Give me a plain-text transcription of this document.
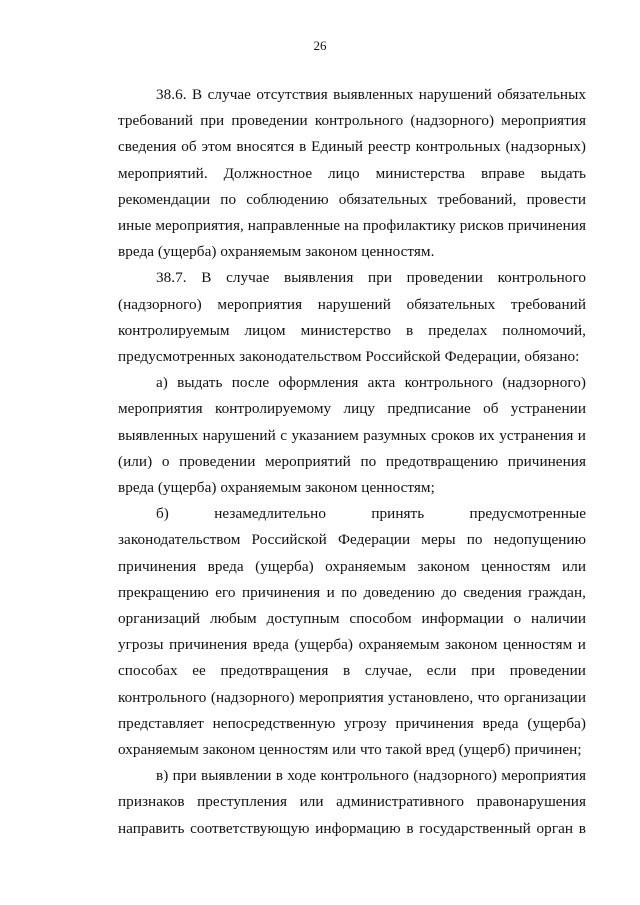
26

38.6. В случае отсутствия выявленных нарушений обязательных требований при проведении контрольного (надзорного) мероприятия сведения об этом вносятся в Единый реестр контрольных (надзорных) мероприятий. Должностное лицо министерства вправе выдать рекомендации по соблюдению обязательных требований, провести иные мероприятия, направленные на профилактику рисков причинения вреда (ущерба) охраняемым законом ценностям.

38.7. В случае выявления при проведении контрольного (надзорного) мероприятия нарушений обязательных требований контролируемым лицом министерство в пределах полномочий, предусмотренных законодательством Российской Федерации, обязано:

а) выдать после оформления акта контрольного (надзорного) мероприятия контролируемому лицу предписание об устранении выявленных нарушений с указанием разумных сроков их устранения и (или) о проведении мероприятий по предотвращению причинения вреда (ущерба) охраняемым законом ценностям;

б) незамедлительно принять предусмотренные законодательством Российской Федерации меры по недопущению причинения вреда (ущерба) охраняемым законом ценностям или прекращению его причинения и по доведению до сведения граждан, организаций любым доступным способом информации о наличии угрозы причинения вреда (ущерба) охраняемым законом ценностям и способах ее предотвращения в случае, если при проведении контрольного (надзорного) мероприятия установлено, что организации представляет непосредственную угрозу причинения вреда (ущерба) охраняемым законом ценностям или что такой вред (ущерб) причинен;

в) при выявлении в ходе контрольного (надзорного) мероприятия признаков преступления или административного правонарушения направить соответствующую информацию в государственный орган в
